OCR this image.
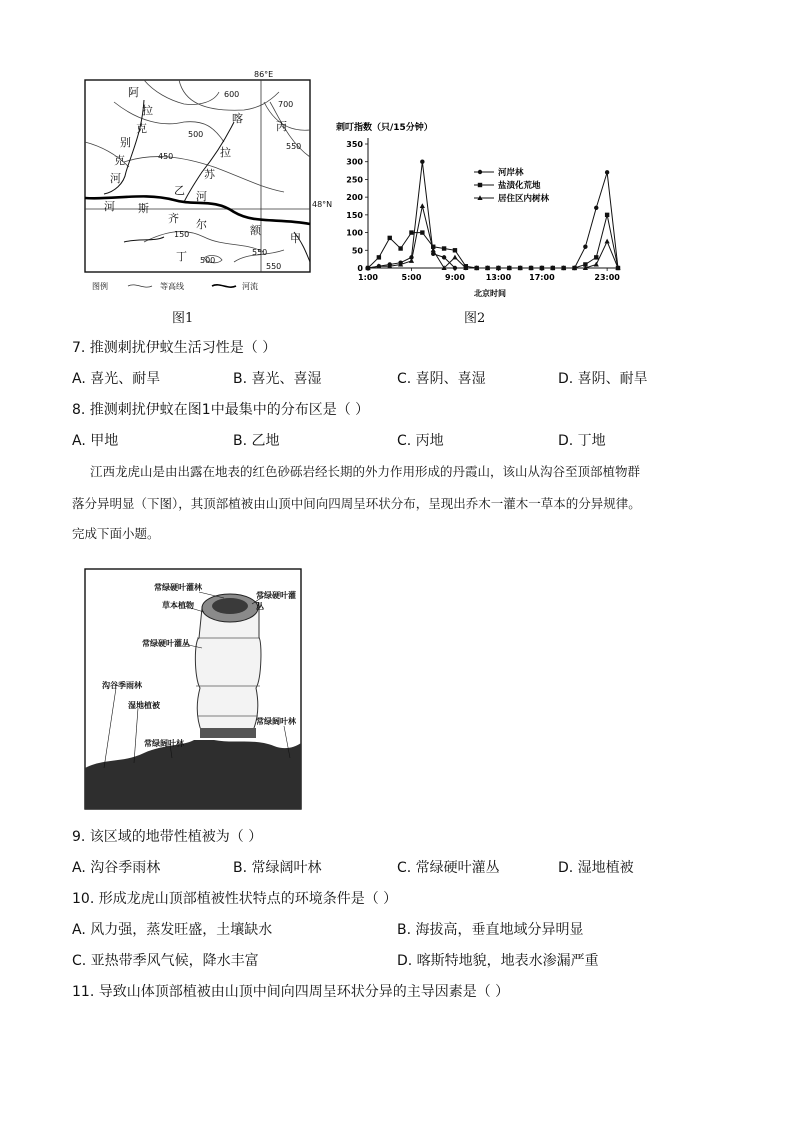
86°E
48°N
阿
拉
克
别
克
河
喀
拉
苏
乙 河
河
额
尔
齐
斯
丙
甲
丁
600
700
500
550
450
150
500
550
550
图例	等高线	河流
图1
刺叮指数（只/15分钟）
北京时间
0
50
100
150
200
250
300
350
1:00	5:00	9:00	13:00 17:00	23:00
河岸林
盐渍化荒地
居住区内树林
图2
7. 推测刺扰伊蚊生活习性是（ ）
A. 喜光、耐旱	B. 喜光、喜湿	C. 喜阴、喜湿	D. 喜阴、耐旱
8. 推测刺扰伊蚊在图1中最集中的分布区是（ ）
A. 甲地	B. 乙地	C. 丙地	D. 丁地
江西龙虎山是由出露在地表的红色砂砾岩经长期的外力作用形成的丹霞山，该山从沟谷至顶部植物群
落分异明显（下图），其顶部植被由山顶中间向四周呈环状分布，呈现出乔木一灌木一草本的分异规律。
完成下面小题。
常绿硬叶灌林
常绿硬叶灌丛
草本植物
常绿硬叶灌丛
沟谷季雨林
湿地植被
常绿阔叶林
常绿阔叶林
9. 该区域的地带性植被为（ ）
A. 沟谷季雨林	B. 常绿阔叶林	C. 常绿硬叶灌丛	D. 湿地植被
10. 形成龙虎山顶部植被性状特点的环境条件是（ ）
A. 风力强，蒸发旺盛，土壤缺水	B. 海拔高，垂直地域分异明显
C. 亚热带季风气候，降水丰富	D. 喀斯特地貌，地表水渗漏严重
11. 导致山体顶部植被由山顶中间向四周呈环状分异的主导因素是（ ）
